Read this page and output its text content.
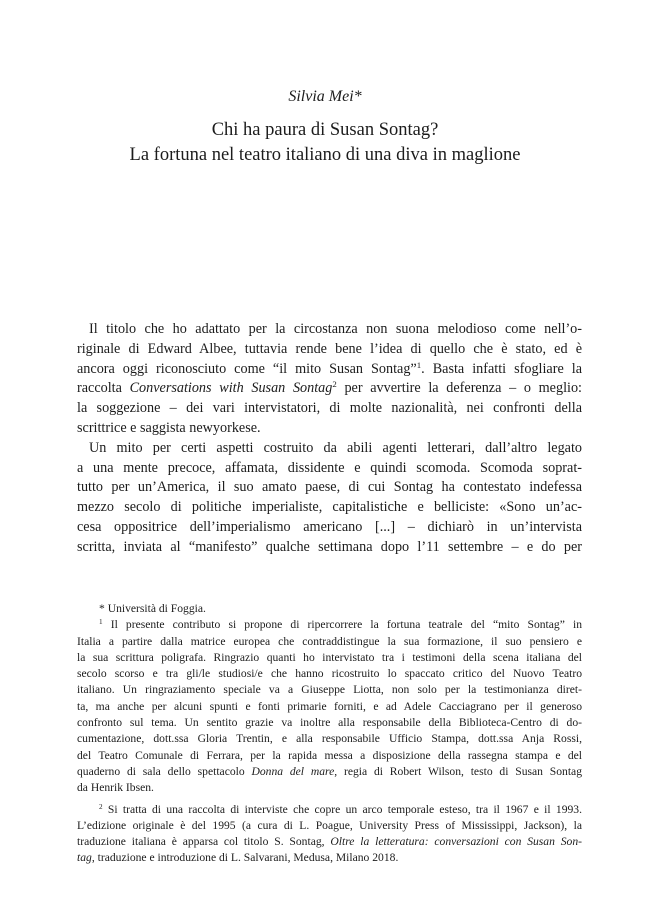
Silvia Mei*
Chi ha paura di Susan Sontag?
La fortuna nel teatro italiano di una diva in maglione
Il titolo che ho adattato per la circostanza non suona melodioso come nell’o-
riginale di Edward Albee, tuttavia rende bene l’idea di quello che è stato, ed è
ancora oggi riconosciuto come “il mito Susan Sontag”$^1$. Basta infatti sfogliare la
raccolta Conversations with Susan Sontag$^2$ per avvertire la deferenza – o meglio:
la soggezione – dei vari intervistatori, di molte nazionalità, nei confronti della
scrittrice e saggista newyorkese.
Un mito per certi aspetti costruito da abili agenti letterari, dall’altro legato
a una mente precoce, affamata, dissidente e quindi scomoda. Scomoda soprat-
tutto per un’America, il suo amato paese, di cui Sontag ha contestato indefessa
mezzo secolo di politiche imperialiste, capitalistiche e belliciste: «Sono un’ac-
cesa oppositrice dell’imperialismo americano [...] – dichiarò in un’intervista
scritta, inviata al “manifesto” qualche settimana dopo l’11 settembre – e do per
* Università di Foggia.
$^1$ Il presente contributo si propone di ripercorrere la fortuna teatrale del “mito Sontag” in
Italia a partire dalla matrice europea che contraddistingue la sua formazione, il suo pensiero e
la sua scrittura poligrafa. Ringrazio quanti ho intervistato tra i testimoni della scena italiana del
secolo scorso e tra gli/le studiosi/e che hanno ricostruito lo spaccato critico del Nuovo Teatro
italiano. Un ringraziamento speciale va a Giuseppe Liotta, non solo per la testimonianza diret-
ta, ma anche per alcuni spunti e fonti primarie forniti, e ad Adele Cacciagrano per il generoso
confronto sul tema. Un sentito grazie va inoltre alla responsabile della Biblioteca-Centro di do-
cumentazione, dott.ssa Gloria Trentin, e alla responsabile Ufficio Stampa, dott.ssa Anja Rossi,
del Teatro Comunale di Ferrara, per la rapida messa a disposizione della rassegna stampa e del
quaderno di sala dello spettacolo Donna del mare, regia di Robert Wilson, testo di Susan Sontag
da Henrik Ibsen.
$^2$ Si tratta di una raccolta di interviste che copre un arco temporale esteso, tra il 1967 e il 1993.
L’edizione originale è del 1995 (a cura di L. Poague, University Press of Mississippi, Jackson), la
traduzione italiana è apparsa col titolo S. Sontag, Oltre la letteratura: conversazioni con Susan Son-
tag, traduzione e introduzione di L. Salvarani, Medusa, Milano 2018.
